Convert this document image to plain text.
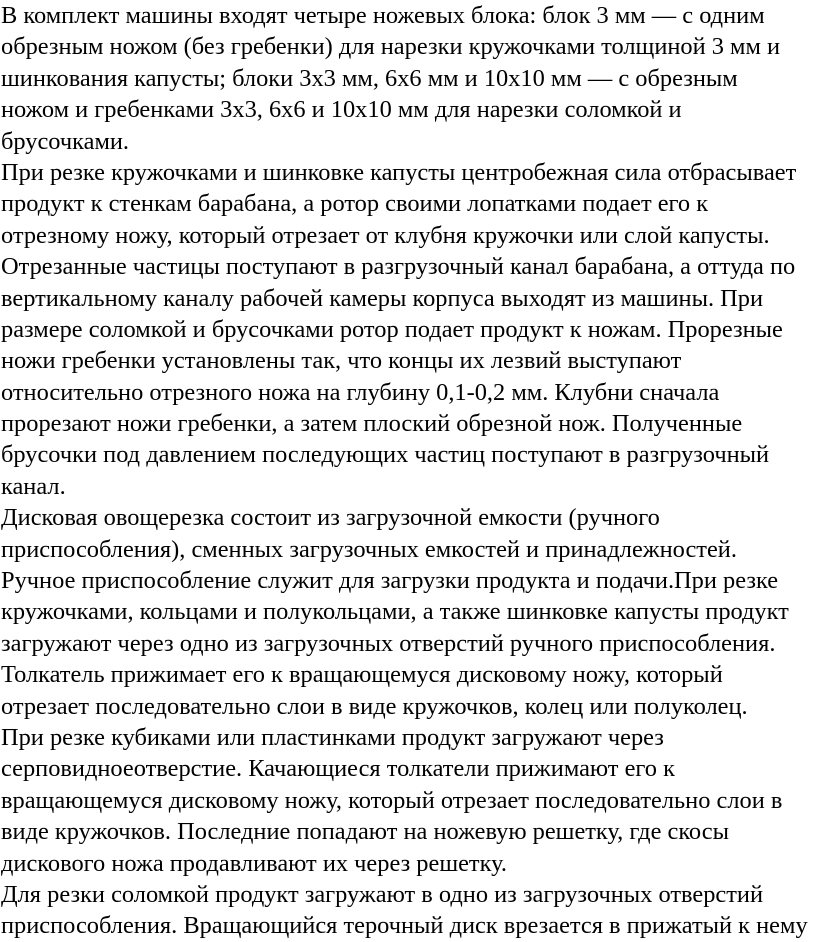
В комплект машины входят четыре ножевых блока: блок 3 мм — с одним
обрезным ножом (без гребенки) для нарезки кружочками толщиной 3 мм и
шинкования капусты; блоки 3х3 мм, 6х6 мм и 10х10 мм — с обрезным
ножом и гребенками 3х3, 6х6 и 10х10 мм для нарезки соломкой и
брусочками.

При резке кружочками и шинковке капусты центробежная сила отбрасывает
продукт к стенкам барабана, а ротор своими лопатками подает его к
отрезному ножу, который отрезает от клубня кружочки или слой капусты.
Отрезанные частицы поступают в разгрузочный канал барабана, а оттуда по
вертикальному каналу рабочей камеры корпуса выходят из машины. При
размере соломкой и брусочками ротор подает продукт к ножам. Прорезные
ножи гребенки установлены так, что концы их лезвий выступают
относительно отрезного ножа на глубину 0,1-0,2 мм. Клубни сначала
прорезают ножи гребенки, а затем плоский обрезной нож. Полученные
брусочки под давлением последующих частиц поступают в разгрузочный
канал.

Дисковая овощерезка состоит из загрузочной емкости (ручного
приспособления), сменных загрузочных емкостей и принадлежностей.
Ручное приспособление служит для загрузки продукта и подачи.При резке
кружочками, кольцами и полукольцами, а также шинковке капусты продукт
загружают через одно из загрузочных отверстий ручного приспособления.
Толкатель прижимает его к вращающемуся дисковому ножу, который
отрезает последовательно слои в виде кружочков, колец или полуколец.

При резке кубиками или пластинками продукт загружают через
серповидноеотверстие. Качающиеся толкатели прижимают его к
вращающемуся дисковому ножу, который отрезает последовательно слои в
виде кружочков. Последние попадают на ножевую решетку, где скосы
дискового ножа продавливают их через решетку.

Для резки соломкой продукт загружают в одно из загрузочных отверстий
приспособления. Вращающийся терочный диск врезается в прижатый к нему
